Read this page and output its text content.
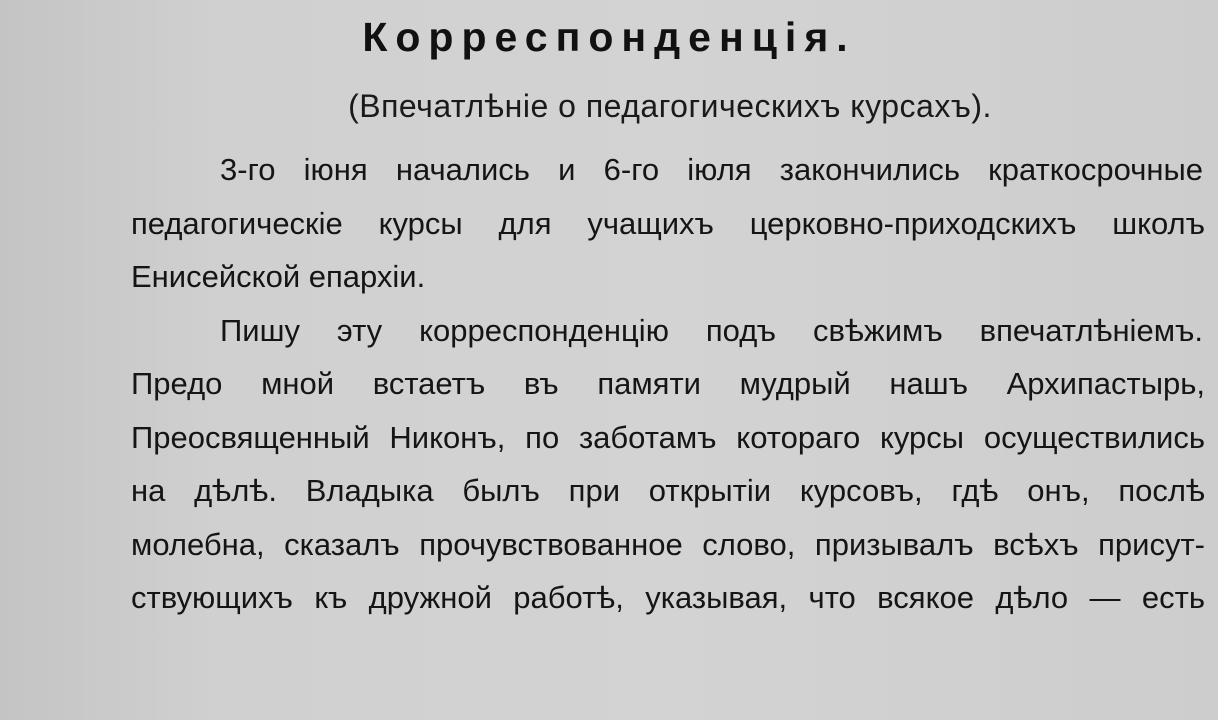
Корреспонденція.
(Впечатлѣніе о педагогическихъ курсахъ).
3-го іюня начались и 6-го іюля закончились краткосрочные
педагогическіе курсы для учащихъ церковно-приходскихъ школъ
Енисейской епархіи.
Пишу эту корреспонденцію подъ свѣжимъ впечатлѣніемъ.
Предо мной встаетъ въ памяти мудрый нашъ Архипастырь,
Преосвященный Никонъ, по заботамъ котораго курсы осуществились
на дѣлѣ. Владыка былъ при открытіи курсовъ, гдѣ онъ, послѣ
молебна, сказалъ прочувствованное слово, призывалъ всѣхъ присут-
ствующихъ къ дружной работѣ, указывая, что всякое дѣло — есть
